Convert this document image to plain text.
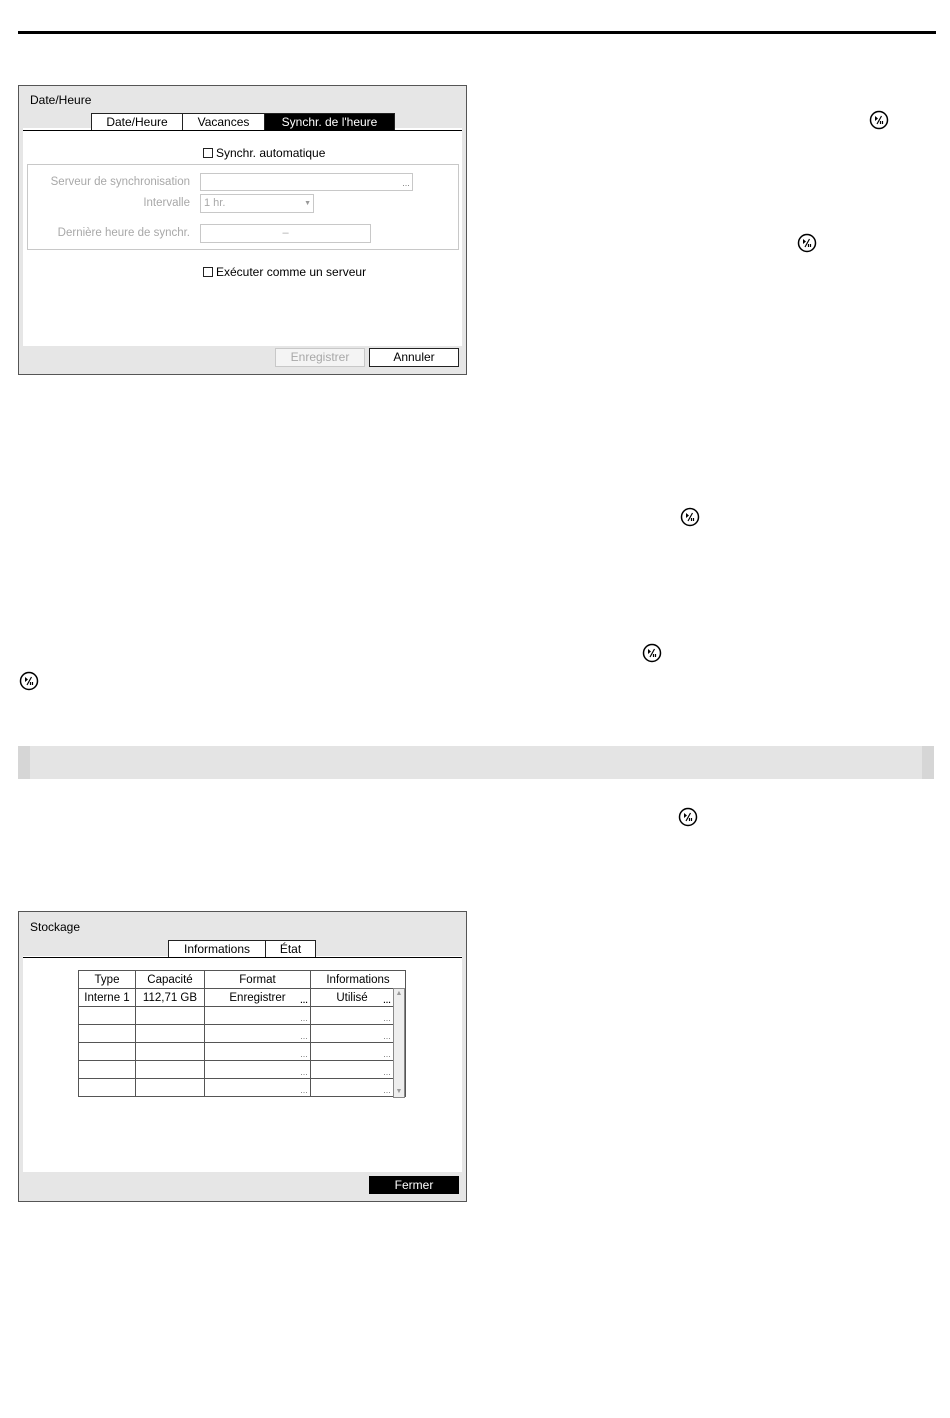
Date/Heure
Date/Heure	Vacances	Synchr. de l'heure
Synchr. automatique
Serveur de synchronisation	…
Intervalle	1 hr.	▼
Dernière heure de synchr.	–
Exécuter comme un serveur
Enregistrer	Annuler
Stockage
Informations	État
Fermer
Type	Capacité	Format	Informations
Interne 1	112,71 GB	Enregistrer …	Utilisé …

		…	…

		…	…

		…	…

		…	…

		…	…
▲
▼
